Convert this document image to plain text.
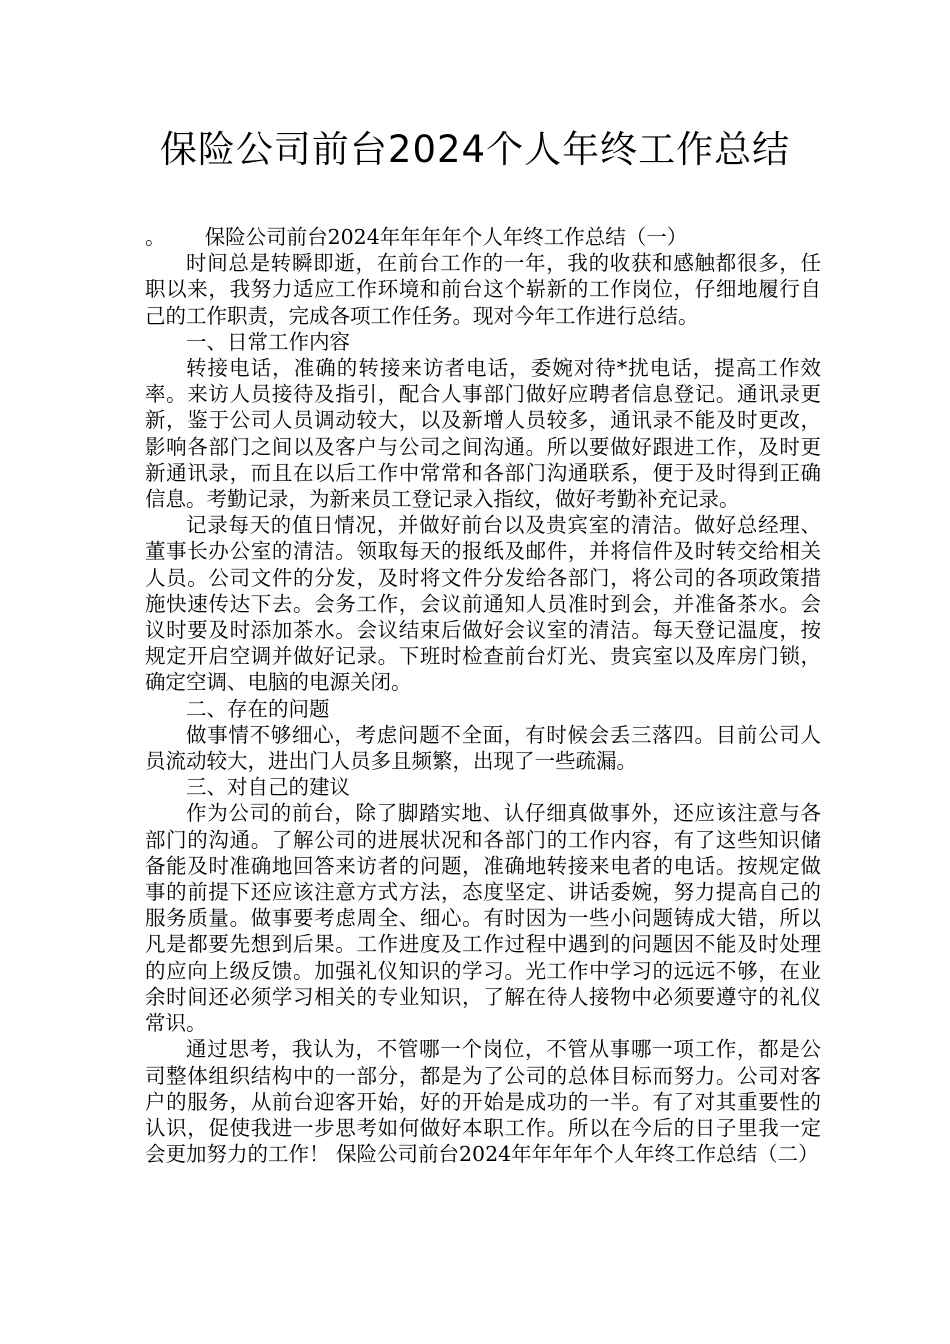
保险公司前台2024个人年终工作总结

。      保险公司前台2024年年年年个人年终工作总结（一）

时间总是转瞬即逝，在前台工作的一年，我的收获和感触都很多，任职以来，我努力适应工作环境和前台这个崭新的工作岗位，仔细地履行自己的工作职责，完成各项工作任务。现对今年工作进行总结。

一、日常工作内容

转接电话，准确的转接来访者电话，委婉对待*扰电话，提高工作效率。来访人员接待及指引，配合人事部门做好应聘者信息登记。通讯录更新，鉴于公司人员调动较大，以及新增人员较多，通讯录不能及时更改，影响各部门之间以及客户与公司之间沟通。所以要做好跟进工作，及时更新通讯录，而且在以后工作中常常和各部门沟通联系，便于及时得到正确信息。考勤记录，为新来员工登记录入指纹，做好考勤补充记录。

记录每天的值日情况，并做好前台以及贵宾室的清洁。做好总经理、董事长办公室的清洁。领取每天的报纸及邮件，并将信件及时转交给相关人员。公司文件的分发，及时将文件分发给各部门，将公司的各项政策措施快速传达下去。会务工作，会议前通知人员准时到会，并准备茶水。会议时要及时添加茶水。会议结束后做好会议室的清洁。每天登记温度，按规定开启空调并做好记录。下班时检查前台灯光、贵宾室以及库房门锁，确定空调、电脑的电源关闭。

二、存在的问题

做事情不够细心，考虑问题不全面，有时候会丢三落四。目前公司人员流动较大，进出门人员多且频繁，出现了一些疏漏。

三、对自己的建议

作为公司的前台，除了脚踏实地、认仔细真做事外，还应该注意与各部门的沟通。了解公司的进展状况和各部门的工作内容，有了这些知识储备能及时准确地回答来访者的问题，准确地转接来电者的电话。按规定做事的前提下还应该注意方式方法，态度坚定、讲话委婉，努力提高自己的服务质量。做事要考虑周全、细心。有时因为一些小问题铸成大错，所以凡是都要先想到后果。工作进度及工作过程中遇到的问题因不能及时处理的应向上级反馈。加强礼仪知识的学习。光工作中学习的远远不够，在业余时间还必须学习相关的专业知识，了解在待人接物中必须要遵守的礼仪常识。

通过思考，我认为，不管哪一个岗位，不管从事哪一项工作，都是公司整体组织结构中的一部分，都是为了公司的总体目标而努力。公司对客户的服务，从前台迎客开始，好的开始是成功的一半。有了对其重要性的认识，促使我进一步思考如何做好本职工作。所以在今后的日子里我一定会更加努力的工作！ 保险公司前台2024年年年年个人年终工作总结（二）
